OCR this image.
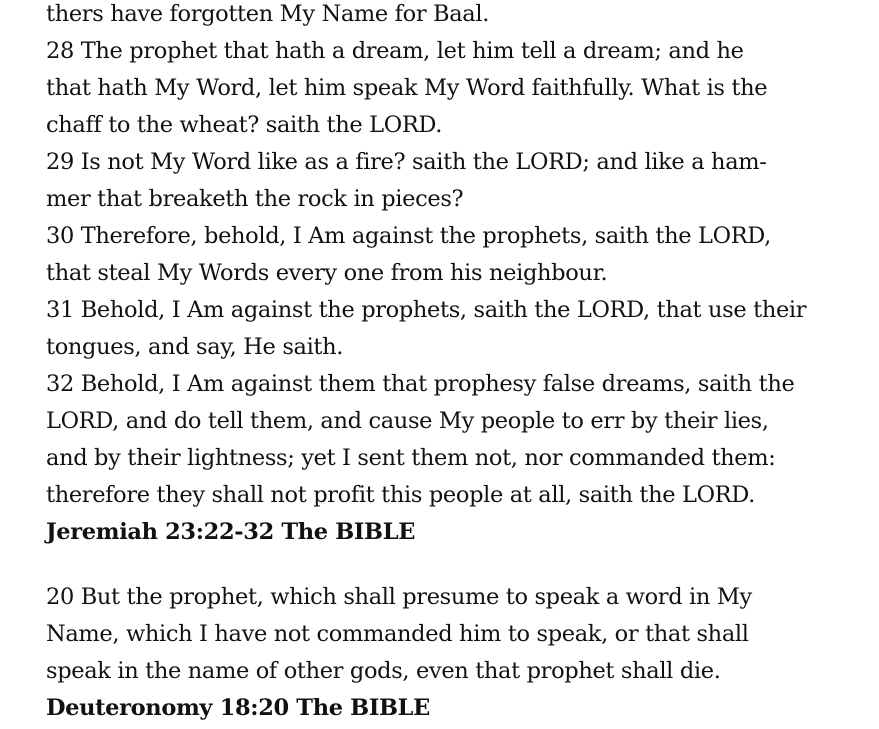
thers have forgotten My Name for Baal.
28 The prophet that hath a dream, let him tell a dream; and he
that hath My Word, let him speak My Word faithfully. What is the
chaff to the wheat? saith the LORD.
29 Is not My Word like as a fire? saith the LORD; and like a ham-
mer that breaketh the rock in pieces?
30 Therefore, behold, I Am against the prophets, saith the LORD,
that steal My Words every one from his neighbour.
31 Behold, I Am against the prophets, saith the LORD, that use their
tongues, and say, He saith.
32 Behold, I Am against them that prophesy false dreams, saith the
LORD, and do tell them, and cause My people to err by their lies,
and by their lightness; yet I sent them not, nor commanded them:
therefore they shall not profit this people at all, saith the LORD.
Jeremiah 23:22-32 The BIBLE
20 But the prophet, which shall presume to speak a word in My
Name, which I have not commanded him to speak, or that shall
speak in the name of other gods, even that prophet shall die.
Deuteronomy 18:20 The BIBLE
